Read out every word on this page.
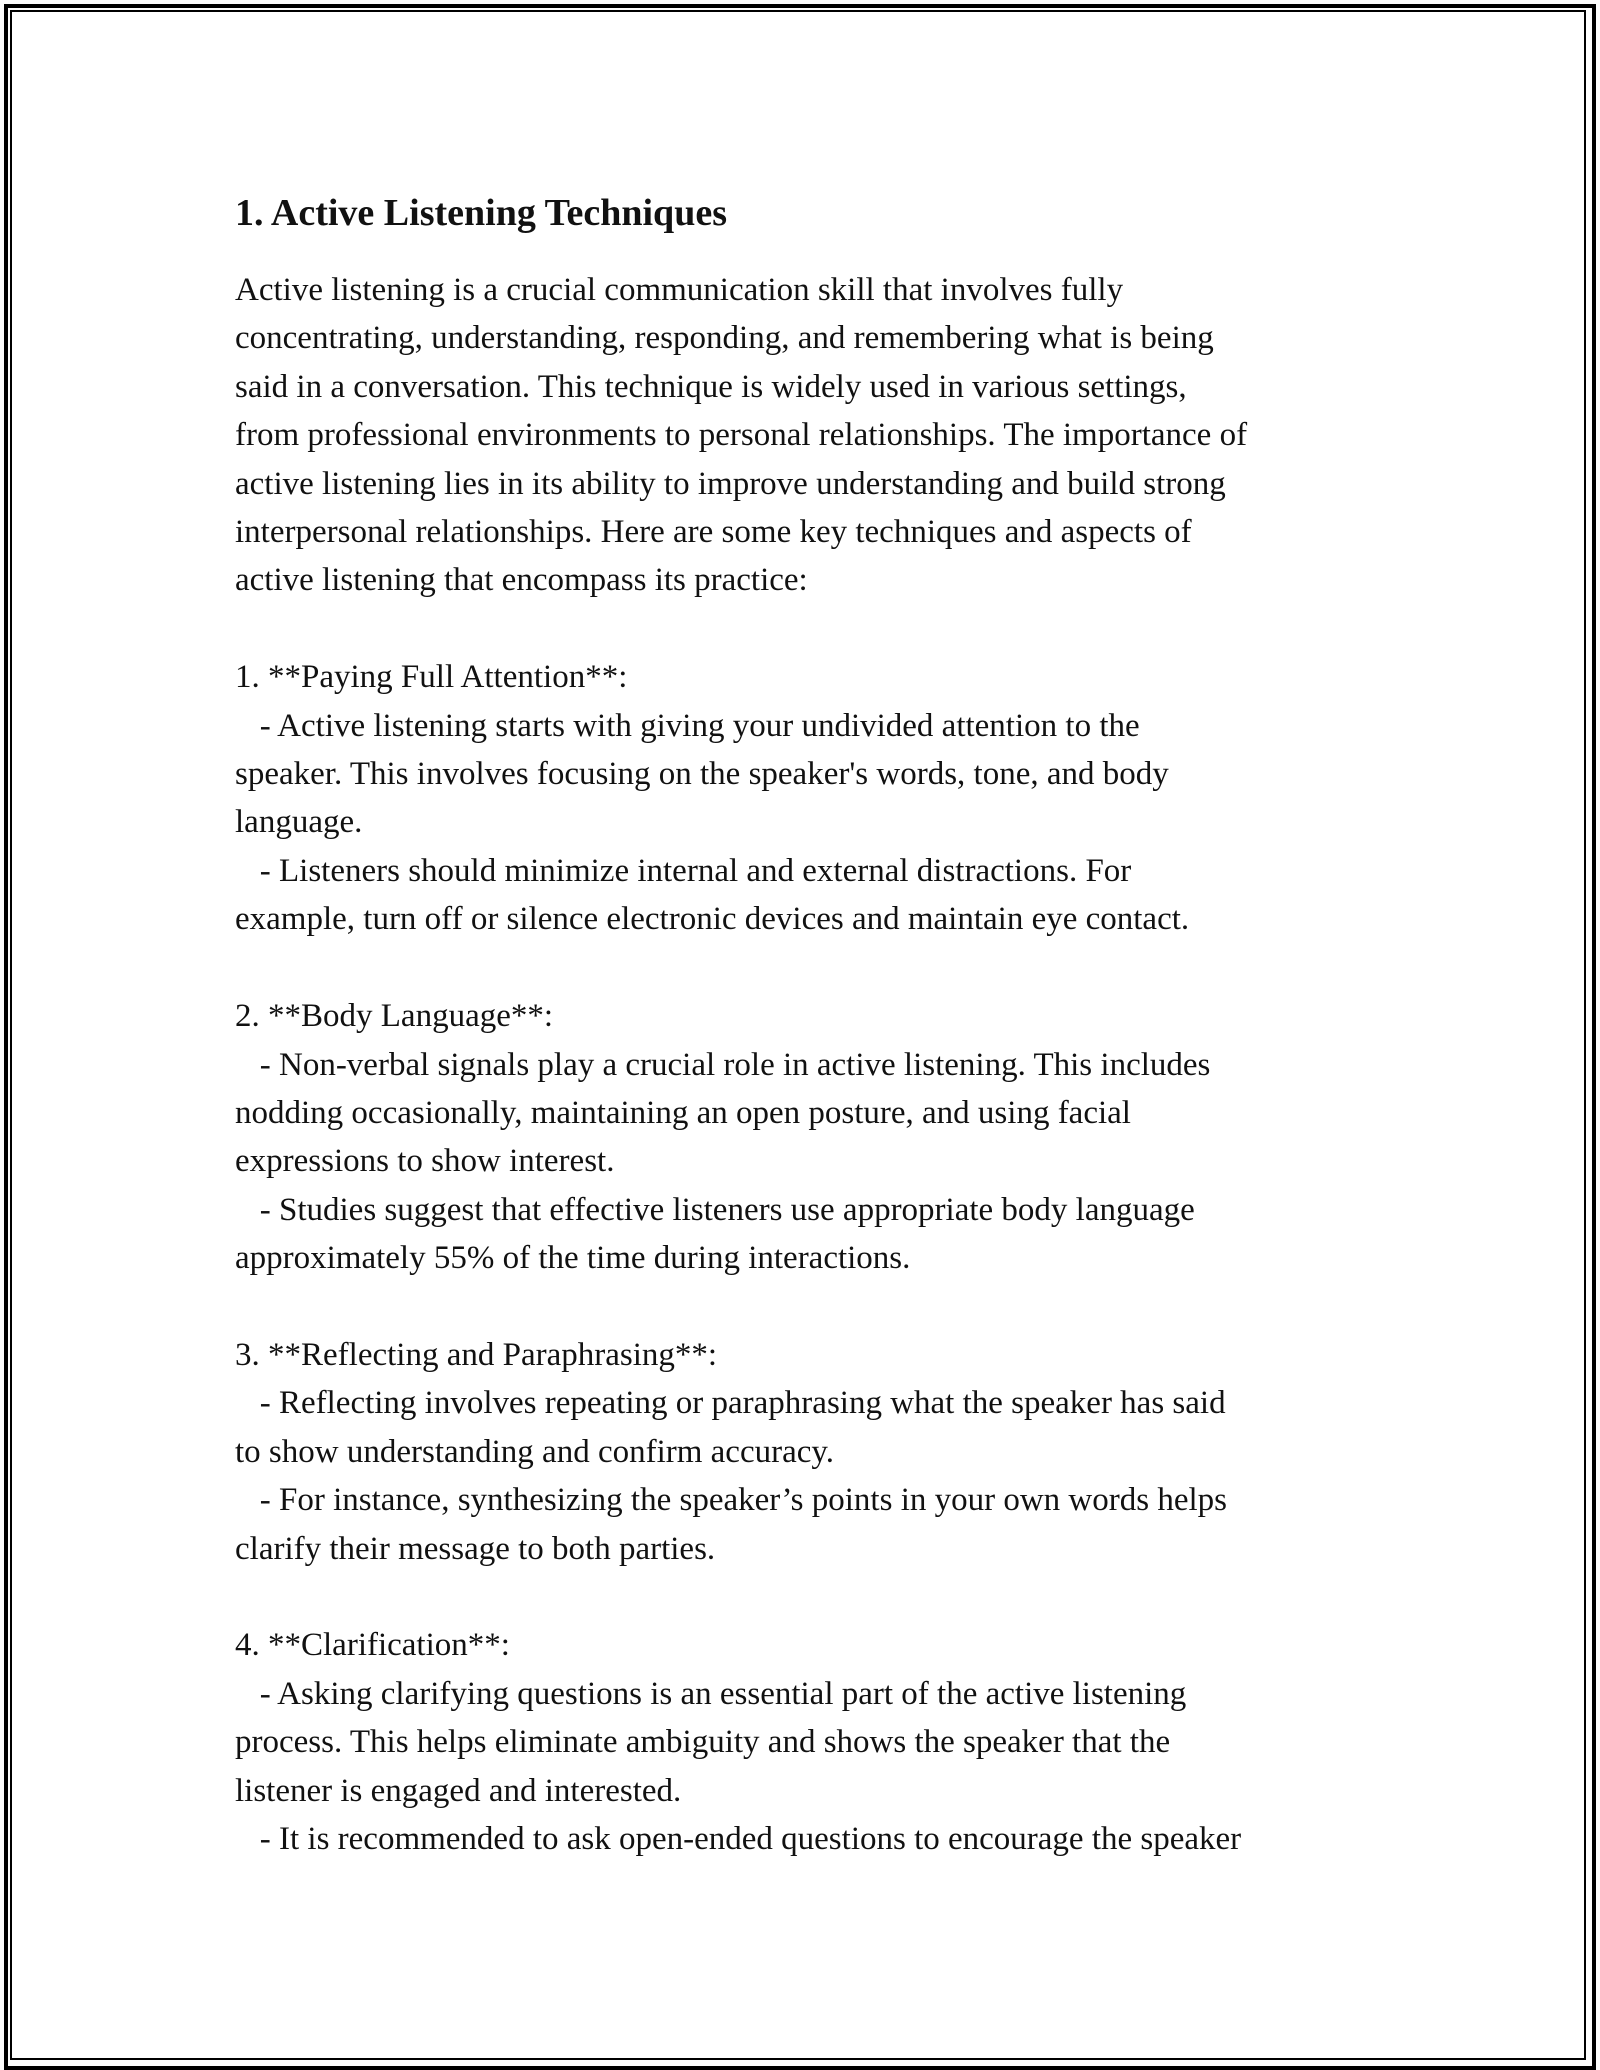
1. Active Listening Techniques

Active listening is a crucial communication skill that involves fully
concentrating, understanding, responding, and remembering what is being
said in a conversation. This technique is widely used in various settings,
from professional environments to personal relationships. The importance of
active listening lies in its ability to improve understanding and build strong
interpersonal relationships. Here are some key techniques and aspects of
active listening that encompass its practice:

1. **Paying Full Attention**:
- Active listening starts with giving your undivided attention to the
speaker. This involves focusing on the speaker's words, tone, and body
language.
- Listeners should minimize internal and external distractions. For
example, turn off or silence electronic devices and maintain eye contact.

2. **Body Language**:
- Non-verbal signals play a crucial role in active listening. This includes
nodding occasionally, maintaining an open posture, and using facial
expressions to show interest.
- Studies suggest that effective listeners use appropriate body language
approximately 55% of the time during interactions.

3. **Reflecting and Paraphrasing**:
- Reflecting involves repeating or paraphrasing what the speaker has said
to show understanding and confirm accuracy.
- For instance, synthesizing the speaker’s points in your own words helps
clarify their message to both parties.

4. **Clarification**:
- Asking clarifying questions is an essential part of the active listening
process. This helps eliminate ambiguity and shows the speaker that the
listener is engaged and interested.
- It is recommended to ask open-ended questions to encourage the speaker
